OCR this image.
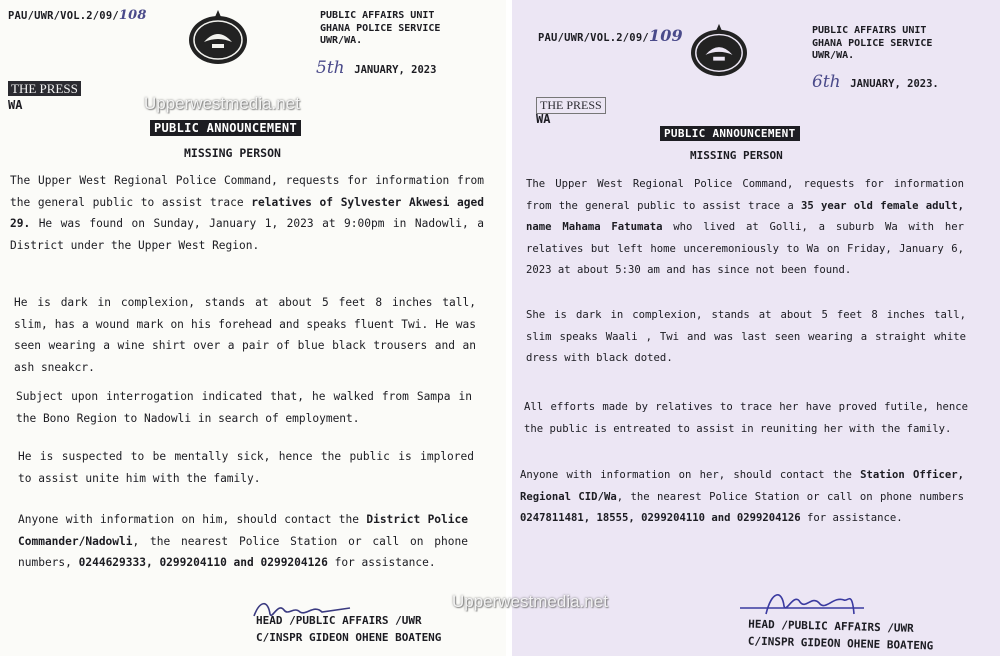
PAU/UWR/VOL.2/09/108	PUBLIC AFFAIRS UNIT
GHANA POLICE SERVICE
UWR/WA.
5th JANUARY, 2023
THE PRESS
WA
PUBLIC ANNOUNCEMENT
MISSING PERSON
The Upper West Regional Police Command, requests for information from the general public to assist trace relatives of Sylvester Akwesi aged 29. He was found on Sunday, January 1, 2023 at 9:00pm in Nadowli, a District under the Upper West Region.
He is dark in complexion, stands at about 5 feet 8 inches tall, slim, has a wound mark on his forehead and speaks fluent Twi. He was seen wearing a wine shirt over a pair of blue black trousers and an ash sneakcr.
Subject upon interrogation indicated that, he walked from Sampa in the Bono Region to Nadowli in search of employment.
He is suspected to be mentally sick, hence the public is implored to assist unite him with the family.
Anyone with information on him, should contact the District Police Commander/Nadowli, the nearest Police Station or call on phone numbers, 0244629333, 0299204110 and 0299204126 for assistance.
HEAD /PUBLIC AFFAIRS /UWR
C/INSPR GIDEON OHENE BOATENG
PAU/UWR/VOL.2/09/109	PUBLIC AFFAIRS UNIT
GHANA POLICE SERVICE
UWR/WA.
6th JANUARY, 2023.
THE PRESS
WA
PUBLIC ANNOUNCEMENT
MISSING PERSON
The Upper West Regional Police Command, requests for information from the general public to assist trace a 35 year old female adult, name Mahama Fatumata who lived at Golli, a suburb Wa with her relatives but left home unceremoniously to Wa on Friday, January 6, 2023 at about 5:30 am and has since not been found.
She is dark in complexion, stands at about 5 feet 8 inches tall, slim speaks Waali , Twi and was last seen wearing a straight white dress with black doted.
All efforts made by relatives to trace her have proved futile, hence the public is entreated to assist in reuniting her with the family.
Anyone with information on her, should contact the Station Officer, Regional CID/Wa, the nearest Police Station or call on phone numbers 0247811481, 18555, 0299204110 and 0299204126 for assistance.
HEAD /PUBLIC AFFAIRS /UWR
C/INSPR GIDEON OHENE BOATENG
Upperwestmedia.net
Upperwestmedia.net
